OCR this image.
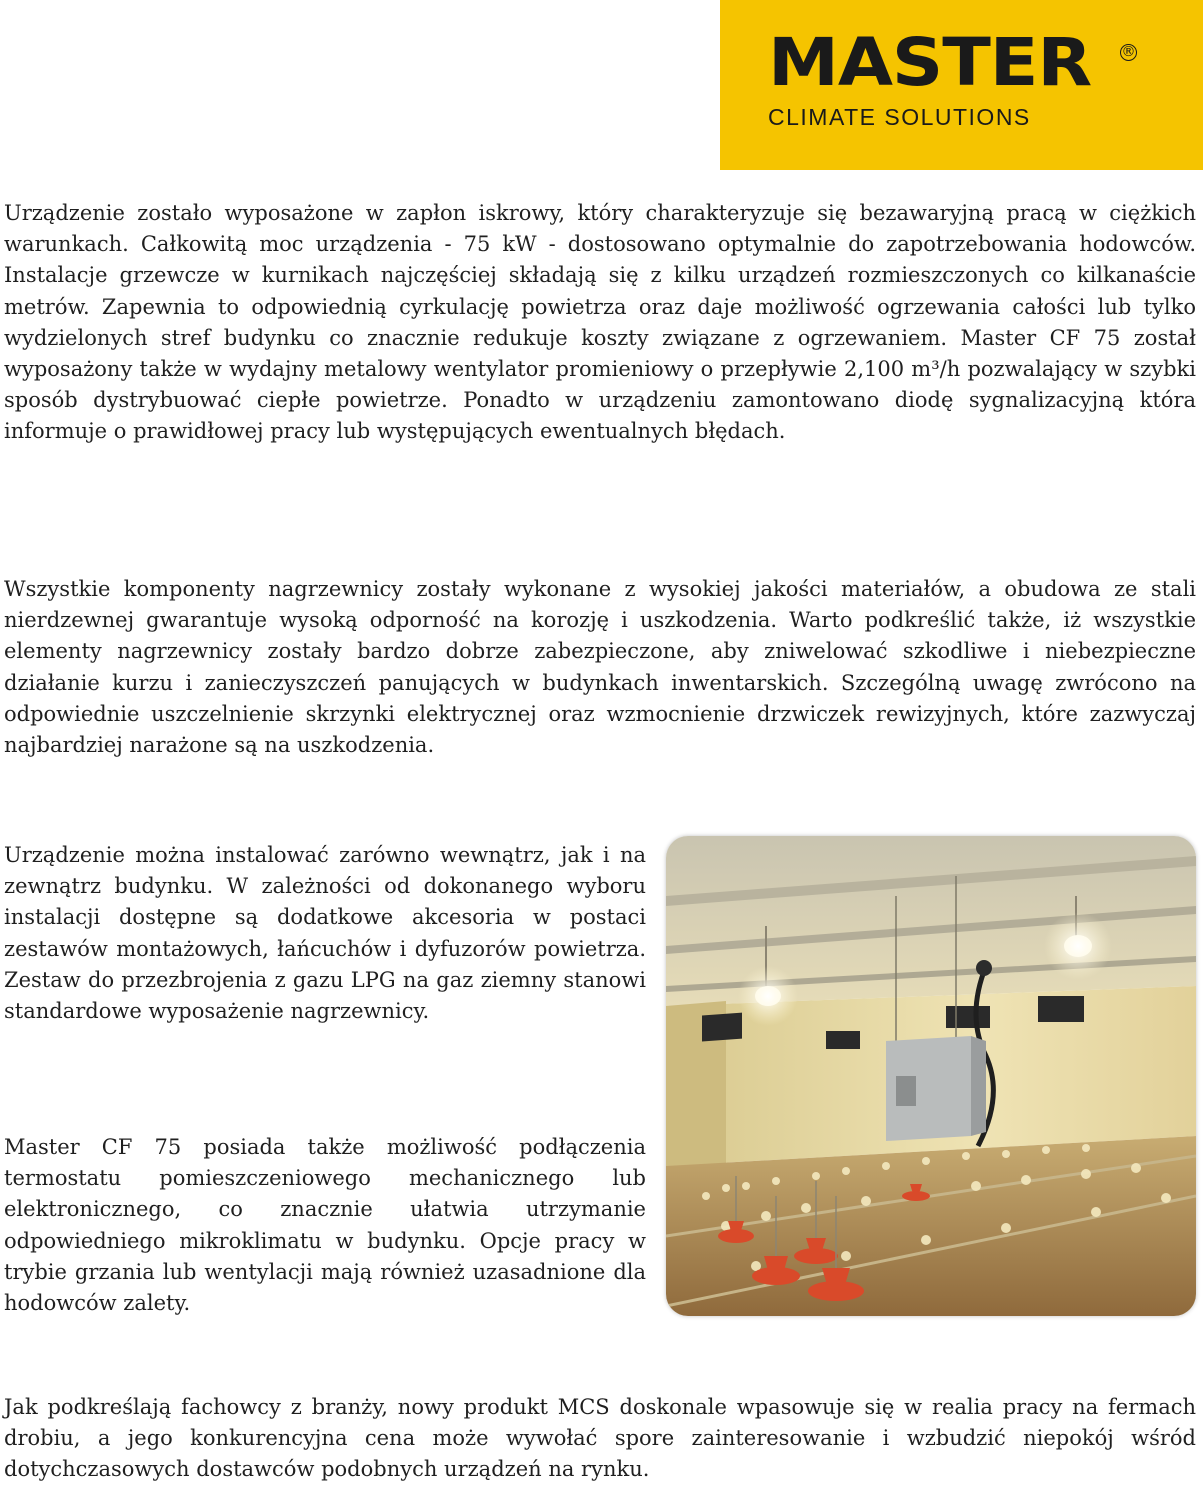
MASTER ®
CLIMATE SOLUTIONS

Urządzenie zostało wyposażone w zapłon iskrowy, który charakteryzuje się bezawaryjną pracą w ciężkich warunkach. Całkowitą moc urządzenia - 75 kW - dostosowano optymalnie do zapotrzebowania hodowców. Instalacje grzewcze w kurnikach najczęściej składają się z kilku urządzeń rozmieszczonych co kilkanaście metrów. Zapewnia to odpowiednią cyrkulację powietrza oraz daje możliwość ogrzewania całości lub tylko wydzielonych stref budynku co znacznie redukuje koszty związane z ogrzewaniem. Master CF 75 został wyposażony także w wydajny metalowy wentylator promieniowy o przepływie 2,100 m³/h pozwalający w szybki sposób dystrybuować ciepłe powietrze. Ponadto w urządzeniu zamontowano diodę sygnalizacyjną która informuje o prawidłowej pracy lub występujących ewentualnych błędach.

Wszystkie komponenty nagrzewnicy zostały wykonane z wysokiej jakości materiałów, a obudowa ze stali nierdzewnej gwarantuje wysoką odporność na korozję i uszkodzenia. Warto podkreślić także, iż wszystkie elementy nagrzewnicy zostały bardzo dobrze zabezpieczone, aby zniwelować szkodliwe i niebezpieczne działanie kurzu i zanieczyszczeń panujących w budynkach inwentarskich. Szczególną uwagę zwrócono na odpowiednie uszczelnienie skrzynki elektrycznej oraz wzmocnienie drzwiczek rewizyjnych, które zazwyczaj najbardziej narażone są na uszkodzenia.

Urządzenie można instalować zarówno wewnątrz, jak i na zewnątrz budynku. W zależności od dokonanego wyboru instalacji dostępne są dodatkowe akcesoria w postaci zestawów montażowych, łańcuchów i dyfuzorów powietrza. Zestaw do przezbrojenia z gazu LPG na gaz ziemny stanowi standardowe wyposażenie nagrzewnicy.

Master CF 75 posiada także możliwość podłączenia termostatu pomieszczeniowego mechanicznego lub elektronicznego, co znacznie ułatwia utrzymanie odpowiedniego mikroklimatu w budynku. Opcje pracy w trybie grzania lub wentylacji mają również uzasadnione dla hodowców zalety.

Jak podkreślają fachowcy z branży, nowy produkt MCS doskonale wpasowuje się w realia pracy na fermach drobiu, a jego konkurencyjna cena może wywołać spore zainteresowanie i wzbudzić niepokój wśród dotychczasowych dostawców podobnych urządzeń na rynku.
